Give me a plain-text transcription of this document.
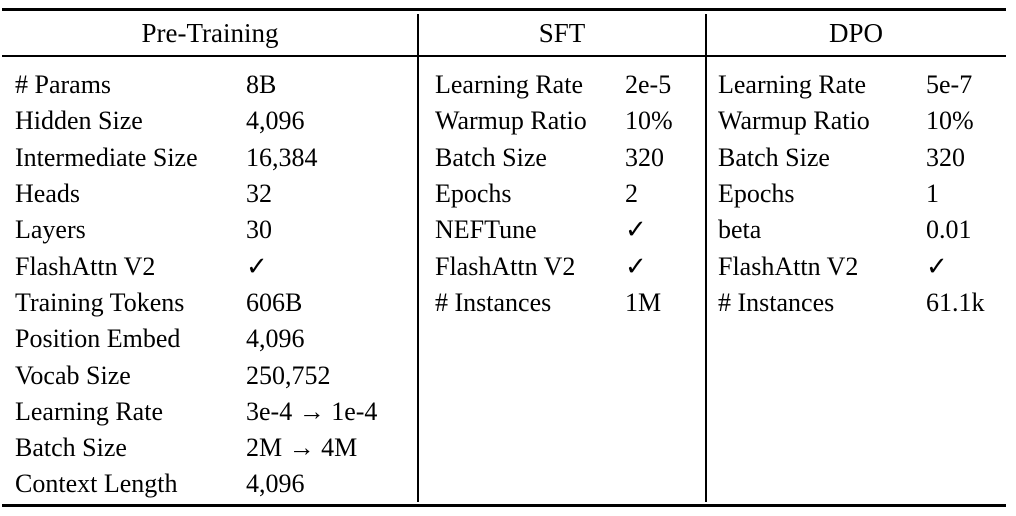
Pre-Training
# Params	8B
Hidden Size	4,096
Intermediate Size	16,384
Heads	32
Layers	30
FlashAttn V2	✓
Training Tokens	606B
Position Embed	4,096
Vocab Size	250,752
Learning Rate	3e-4 → 1e-4
Batch Size	2M → 4M
Context Length	4,096
SFT
Learning Rate	2e-5
Warmup Ratio	10%
Batch Size	320
Epochs	2
NEFTune	✓
FlashAttn V2	✓
# Instances	1M
DPO
Learning Rate	5e-7
Warmup Ratio	10%
Batch Size	320
Epochs	1
beta	0.01
FlashAttn V2	✓
# Instances	61.1k
